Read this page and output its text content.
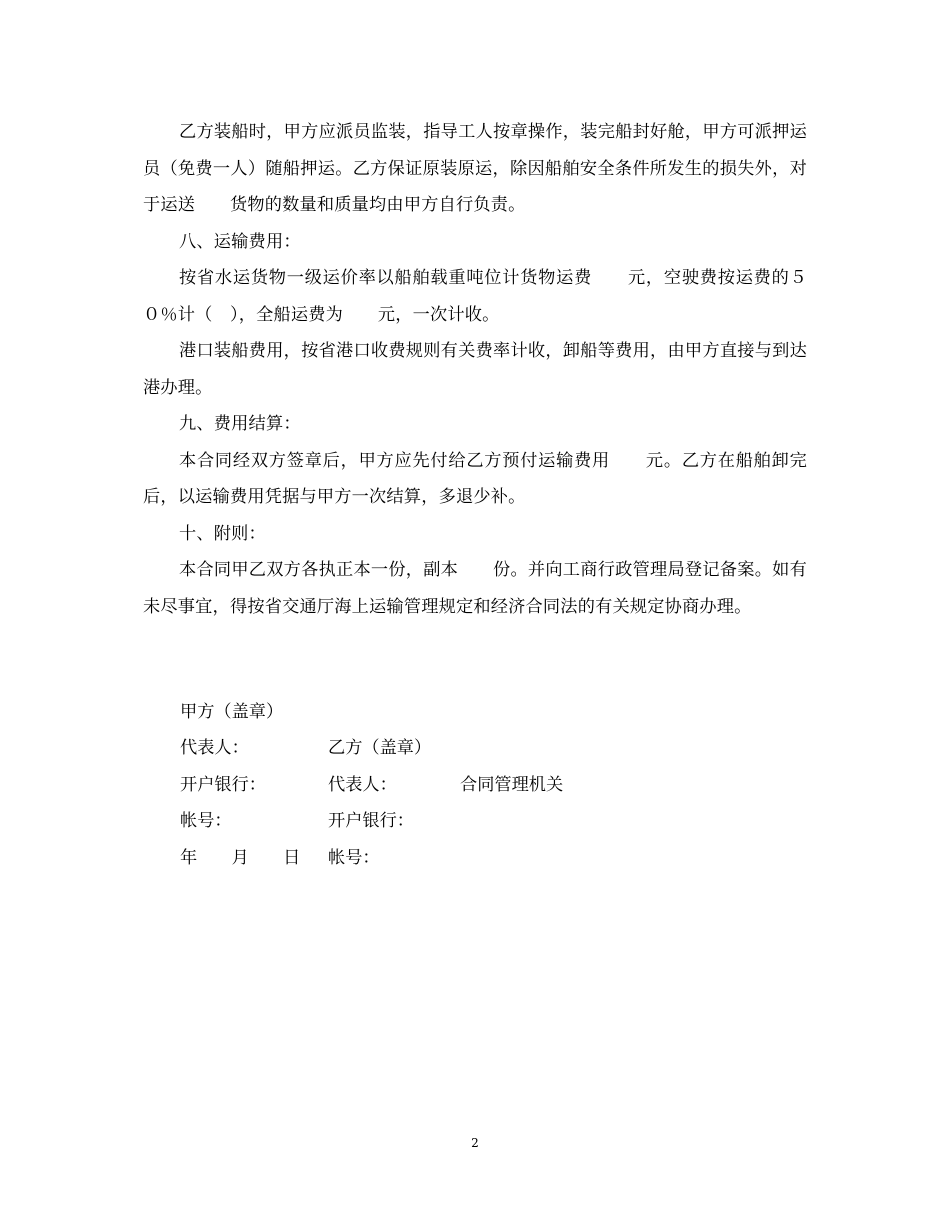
乙方装船时，甲方应派员监装，指导工人按章操作，装完船封好舱，甲方可派押运员（免费一人）随船押运。乙方保证原装原运，除因船舶安全条件所发生的损失外，对于运送　　货物的数量和质量均由甲方自行负责。

八、运输费用：

按省水运货物一级运价率以船舶载重吨位计货物运费　　元，空驶费按运费的５０％计（　），全船运费为　　元，一次计收。

港口装船费用，按省港口收费规则有关费率计收，卸船等费用，由甲方直接与到达港办理。

九、费用结算：

本合同经双方签章后，甲方应先付给乙方预付运输费用　　元。乙方在船舶卸完后，以运输费用凭据与甲方一次结算，多退少补。

十、附则：

本合同甲乙双方各执正本一份，副本　　份。并向工商行政管理局登记备案。如有未尽事宜，得按省交通厅海上运输管理规定和经济合同法的有关规定协商办理。

甲方（盖章）

乙方（盖章）

合同管理机关

代表人：

代表人：

开户银行：

开户银行：

帐号：

帐号：

年　　月　　日

2
